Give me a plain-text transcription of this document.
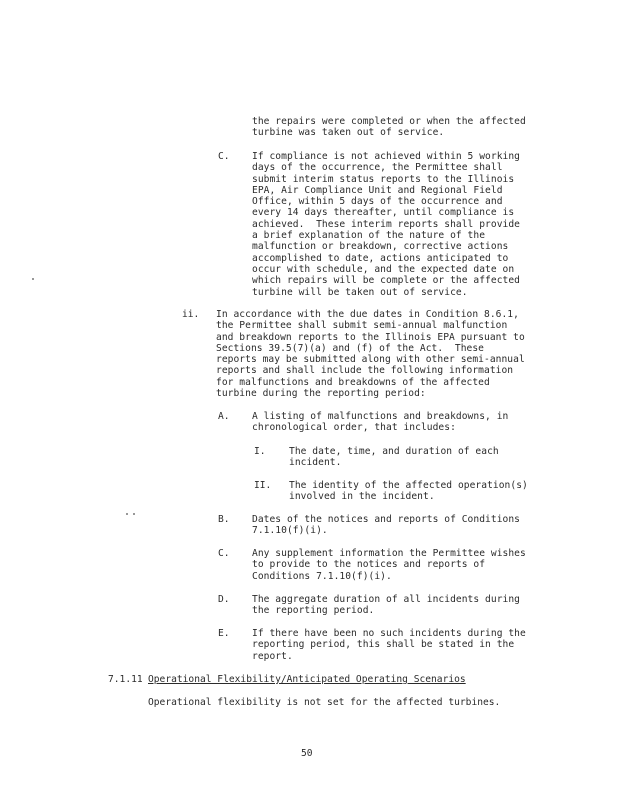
the repairs were completed or when the affected
turbine was taken out of service.
C. If compliance is not achieved within 5 working
days of the occurrence, the Permittee shall
submit interim status reports to the Illinois
EPA, Air Compliance Unit and Regional Field
Office, within 5 days of the occurrence and
every 14 days thereafter, until compliance is
achieved.  These interim reports shall provide
a brief explanation of the nature of the
malfunction or breakdown, corrective actions
accomplished to date, actions anticipated to
occur with schedule, and the expected date on
which repairs will be complete or the affected
turbine will be taken out of service.
ii. In accordance with the due dates in Condition 8.6.1,
the Permittee shall submit semi-annual malfunction
and breakdown reports to the Illinois EPA pursuant to
Sections 39.5(7)(a) and (f) of the Act.  These
reports may be submitted along with other semi-annual
reports and shall include the following information
for malfunctions and breakdowns of the affected
turbine during the reporting period:
A. A listing of malfunctions and breakdowns, in
chronological order, that includes:
I. The date, time, and duration of each
incident.
II. The identity of the affected operation(s)
involved in the incident.
B. Dates of the notices and reports of Conditions
7.1.10(f)(i).
C. Any supplement information the Permittee wishes
to provide to the notices and reports of
Conditions 7.1.10(f)(i).
D. The aggregate duration of all incidents during
the reporting period.
E. If there have been no such incidents during the
reporting period, this shall be stated in the
report.
7.1.11 Operational Flexibility/Anticipated Operating Scenarios
Operational flexibility is not set for the affected turbines.
50
